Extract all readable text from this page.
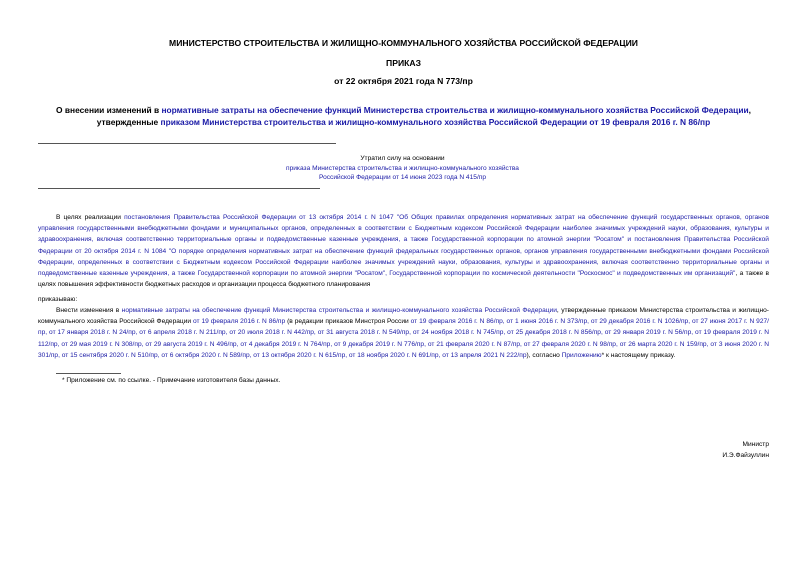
МИНИСТЕРСТВО СТРОИТЕЛЬСТВА И ЖИЛИЩНО-КОММУНАЛЬНОГО ХОЗЯЙСТВА РОССИЙСКОЙ ФЕДЕРАЦИИ
ПРИКАЗ
от 22 октября 2021 года N 773/пр
О внесении изменений в нормативные затраты на обеспечение функций Министерства строительства и жилищно-коммунального хозяйства Российской Федерации, утвержденные приказом Министерства строительства и жилищно-коммунального хозяйства Российской Федерации от 19 февраля 2016 г. N 86/пр
Утратил силу на основании
приказа Министерства строительства и жилищно-коммунального хозяйства
Российской Федерации от 14 июня 2023 года N 415/пр
В целях реализации постановления Правительства Российской Федерации от 13 октября 2014 г. N 1047 "Об Общих правилах определения нормативных затрат на обеспечение функций государственных органов, органов управления государственными внебюджетными фондами и муниципальных органов, определенных в соответствии с Бюджетным кодексом Российской Федерации наиболее значимых учреждений науки, образования, культуры и здравоохранения, включая соответственно территориальные органы и подведомственные казенные учреждения, а также Государственной корпорации по атомной энергии "Росатом" и постановления Правительства Российской Федерации от 20 октября 2014 г. N 1084 "О порядке определения нормативных затрат на обеспечение функций федеральных государственных органов, органов управления государственными внебюджетными фондами Российской Федерации, определенных в соответствии с Бюджетным кодексом Российской Федерации наиболее значимых учреждений науки, образования, культуры и здравоохранения, включая соответственно территориальные органы и подведомственные казенные учреждения, а также Государственной корпорации по атомной энергии "Росатом", Государственной корпорации по космической деятельности "Роскосмос" и подведомственных им организаций", а также в целях повышения эффективности бюджетных расходов и организации процесса бюджетного планирования
приказываю:
Внести изменения в нормативные затраты на обеспечение функций Министерства строительства и жилищно-коммунального хозяйства Российской Федерации, утвержденные приказом Министерства строительства и жилищно-коммунального хозяйства Российской Федерации от 19 февраля 2016 г. N 86/пр (в редакции приказов Минстроя России от 19 февраля 2016 г. N 86/пр, от 1 июня 2016 г. N 373/пр, от 29 декабря 2016 г. N 1026/пр, от 27 июня 2017 г. N 927/пр, от 17 января 2018 г. N 24/пр, от 6 апреля 2018 г. N 211/пр, от 20 июля 2018 г. N 442/пр, от 31 августа 2018 г. N 549/пр, от 24 ноября 2018 г. N 745/пр, от 25 декабря 2018 г. N 856/пр, от 29 января 2019 г. N 56/пр, от 19 февраля 2019 г. N 112/пр, от 29 мая 2019 г. N 308/пр, от 29 августа 2019 г. N 496/пр, от 4 декабря 2019 г. N 764/пр, от 9 декабря 2019 г. N 776/пр, от 21 февраля 2020 г. N 87/пр, от 27 февраля 2020 г. N 98/пр, от 26 марта 2020 г. N 159/пр, от 3 июня 2020 г. N 301/пр, от 15 сентября 2020 г. N 510/пр, от 6 октября 2020 г. N 589/пр, от 13 октября 2020 г. N 615/пр, от 18 ноября 2020 г. N 691/пр, от 13 апреля 2021 N 222/пр), согласно Приложению* к настоящему приказу.
* Приложение см. по ссылке. - Примечание изготовителя базы данных.
Министр
И.Э.Файзуллин
